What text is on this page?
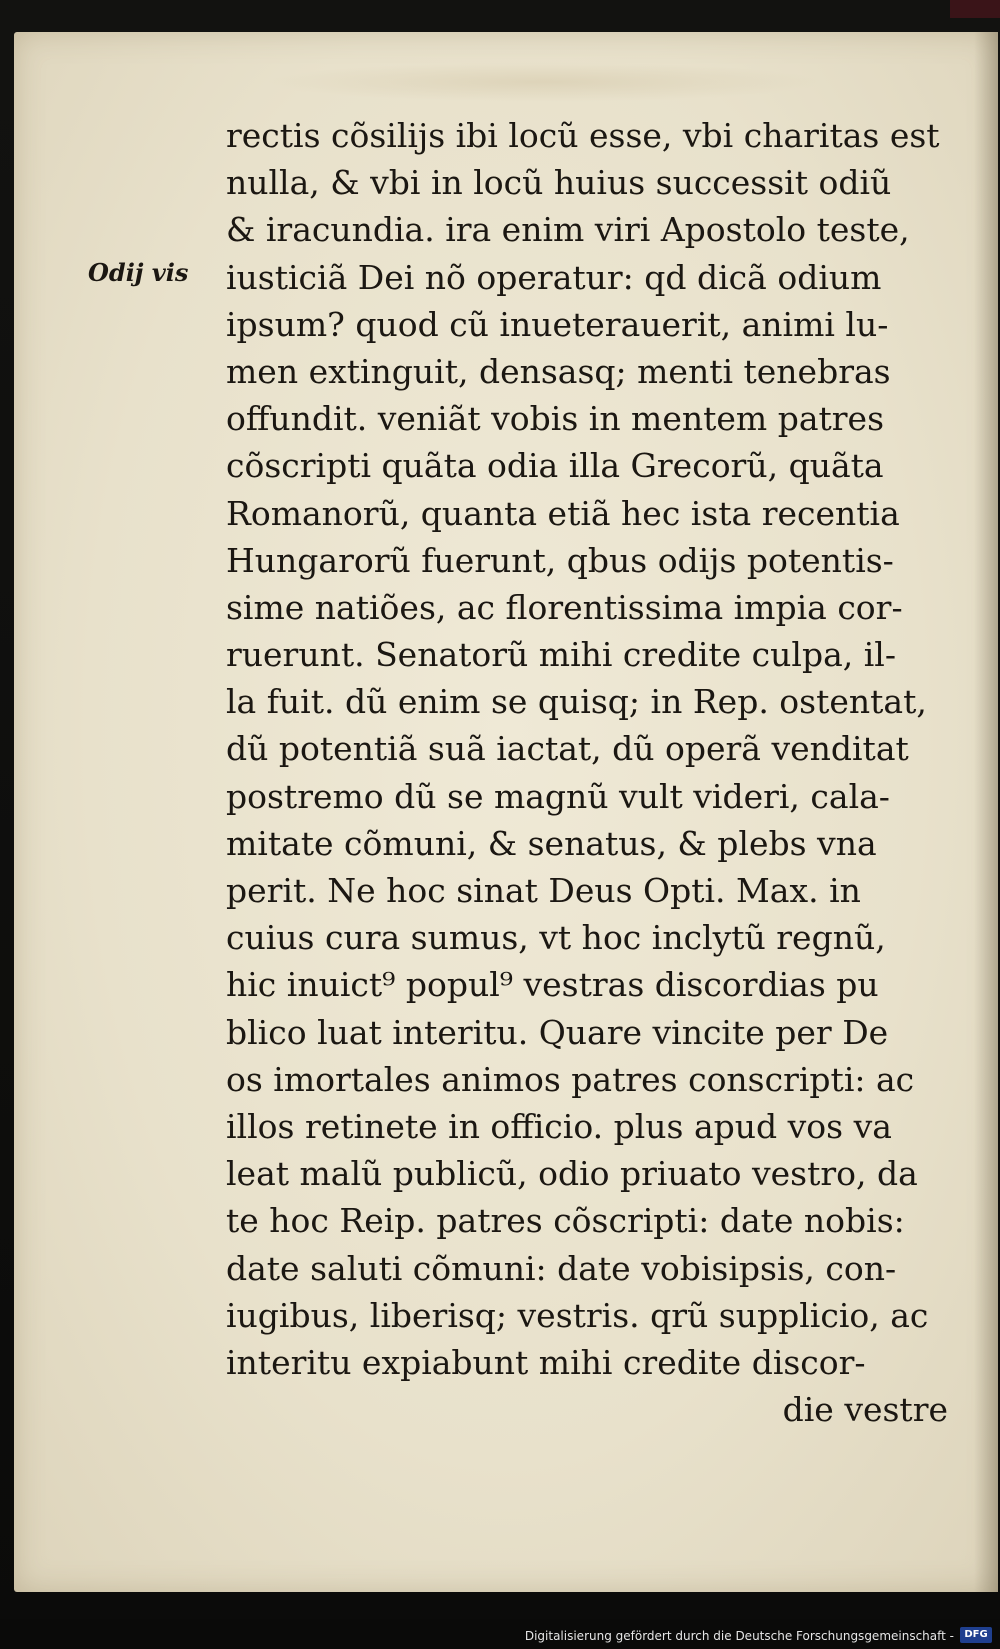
Odij vis
rectis cõsilijs ibi locũ esse, vbi charitas est
nulla, & vbi in locũ huius successit odiũ
& iracundia. ira enim viri Apostolo teste,
iusticiã Dei nõ operatur: qd dicã odium
ipsum? quod cũ inueterauerit, animi lu-
men extinguit, densasq; menti tenebras
offundit. veniãt vobis in mentem patres
cõscripti quãta odia illa Grecorũ, quãta
Romanorũ, quanta etiã hec ista recentia
Hungarorũ fuerunt, qbus odijs potentis-
sime natiões, ac florentissima impia cor-
ruerunt. Senatorũ mihi credite culpa, il-
la fuit. dũ enim se quisq; in Rep. ostentat,
dũ potentiã suã iactat, dũ operã venditat
postremo dũ se magnũ vult videri, cala-
mitate cõmuni, & senatus, & plebs vna
perit. Ne hoc sinat Deus Opti. Max. in
cuius cura sumus, vt hoc inclytũ regnũ,
hic inuict⁹ popul⁹ vestras discordias pu
blico luat interitu. Quare vincite per De
os imortales animos patres conscripti: ac
illos retinete in officio. plus apud vos va
leat malũ publicũ, odio priuato vestro, da
te hoc Reip. patres cõscripti: date nobis:
date saluti cõmuni: date vobisipsis, con-
iugibus, liberisq; vestris. qrũ supplicio, ac
interitu expiabunt mihi credite discor-
die vestre
Digitalisierung gefördert durch die Deutsche Forschungsgemeinschaft -	DFG
